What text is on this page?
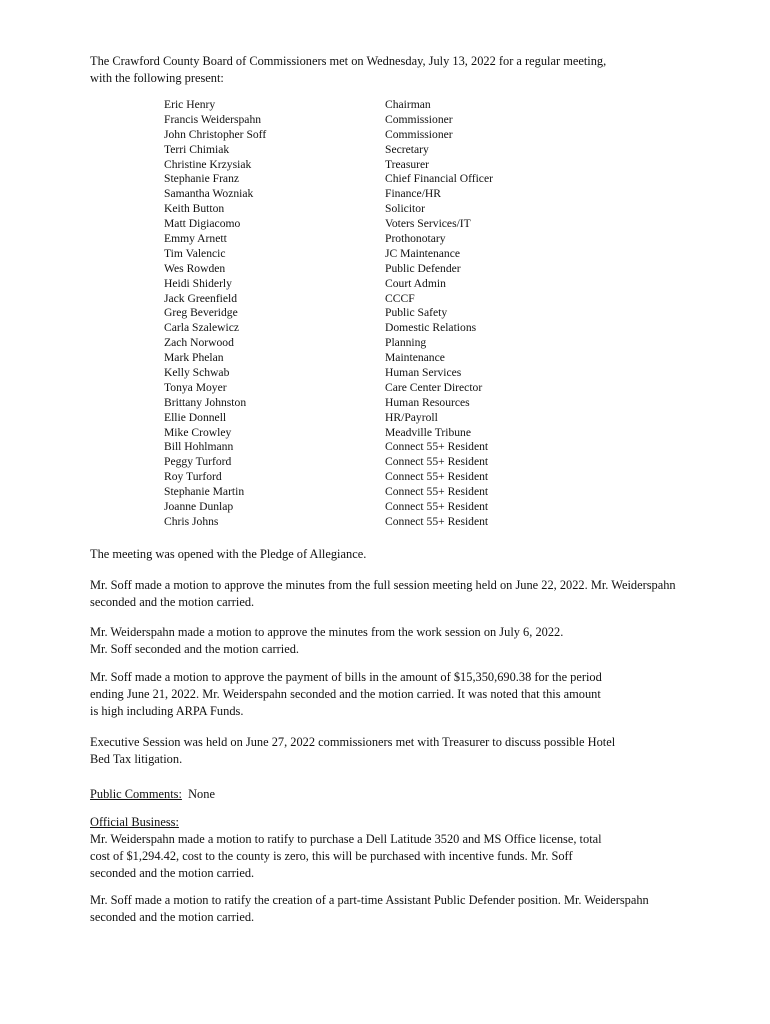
The Crawford County Board of Commissioners met on Wednesday, July 13, 2022 for a regular meeting,
with the following present:

Eric Henry	Chairman
Francis Weiderspahn	Commissioner
John Christopher Soff	Commissioner
Terri Chimiak	Secretary
Christine Krzysiak	Treasurer
Stephanie Franz	Chief Financial Officer
Samantha Wozniak	Finance/HR
Keith Button	Solicitor
Matt Digiacomo	Voters Services/IT
Emmy Arnett	Prothonotary
Tim Valencic	JC Maintenance
Wes Rowden	Public Defender
Heidi Shiderly	Court Admin
Jack Greenfield	CCCF
Greg Beveridge	Public Safety
Carla Szalewicz	Domestic Relations
Zach Norwood	Planning
Mark Phelan	Maintenance
Kelly Schwab	Human Services
Tonya Moyer	Care Center Director
Brittany Johnston	Human Resources
Ellie Donnell	HR/Payroll
Mike Crowley	Meadville Tribune
Bill Hohlmann	Connect 55+ Resident
Peggy Turford	Connect 55+ Resident
Roy Turford	Connect 55+ Resident
Stephanie Martin	Connect 55+ Resident
Joanne Dunlap	Connect 55+ Resident
Chris Johns	Connect 55+ Resident

The meeting was opened with the Pledge of Allegiance.

Mr. Soff made a motion to approve the minutes from the full session meeting held on June 22, 2022. Mr. Weiderspahn
seconded and the motion carried.

Mr. Weiderspahn made a motion to approve the minutes from the work session on July 6, 2022.
Mr. Soff seconded and the motion carried.

Mr. Soff made a motion to approve the payment of bills in the amount of $15,350,690.38 for the period
ending June 21, 2022. Mr. Weiderspahn seconded and the motion carried. It was noted that this amount
is high including ARPA Funds.

Executive Session was held on June 27, 2022 commissioners met with Treasurer to discuss possible Hotel
Bed Tax litigation.

Public Comments: None

Official Business:
Mr. Weiderspahn made a motion to ratify to purchase a Dell Latitude 3520 and MS Office license, total
cost of $1,294.42, cost to the county is zero, this will be purchased with incentive funds. Mr. Soff
seconded and the motion carried.

Mr. Soff made a motion to ratify the creation of a part-time Assistant Public Defender position. Mr. Weiderspahn
seconded and the motion carried.
